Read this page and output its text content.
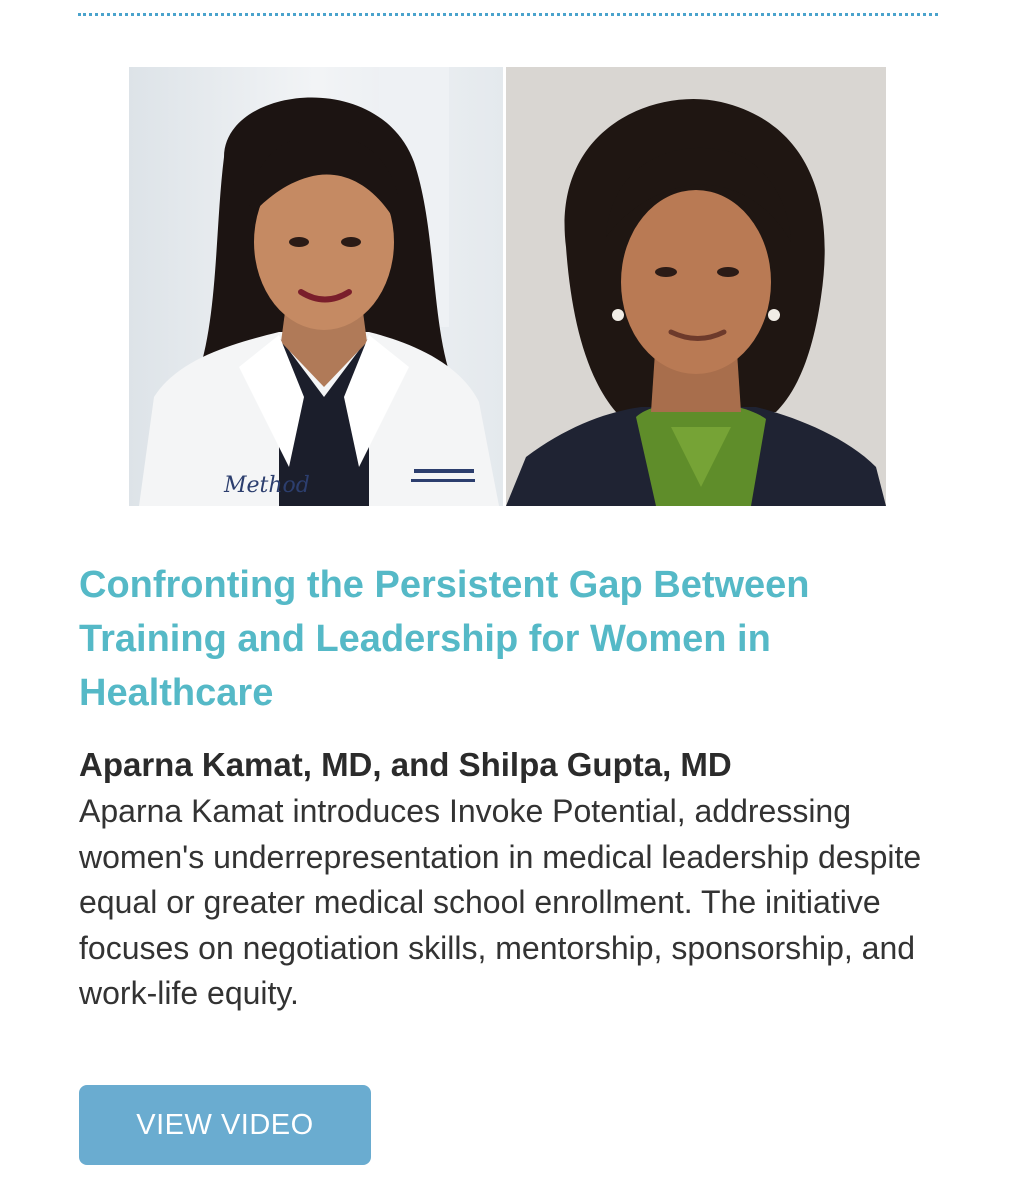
Method
Confronting the Persistent Gap Between Training and Leadership for Women in Healthcare

Aparna Kamat, MD, and Shilpa Gupta, MD

Aparna Kamat introduces Invoke Potential, addressing women's underrepresentation in medical leadership despite equal or greater medical school enrollment. The initiative focuses on negotiation skills, mentorship, sponsorship, and work-life equity.

VIEW VIDEO
